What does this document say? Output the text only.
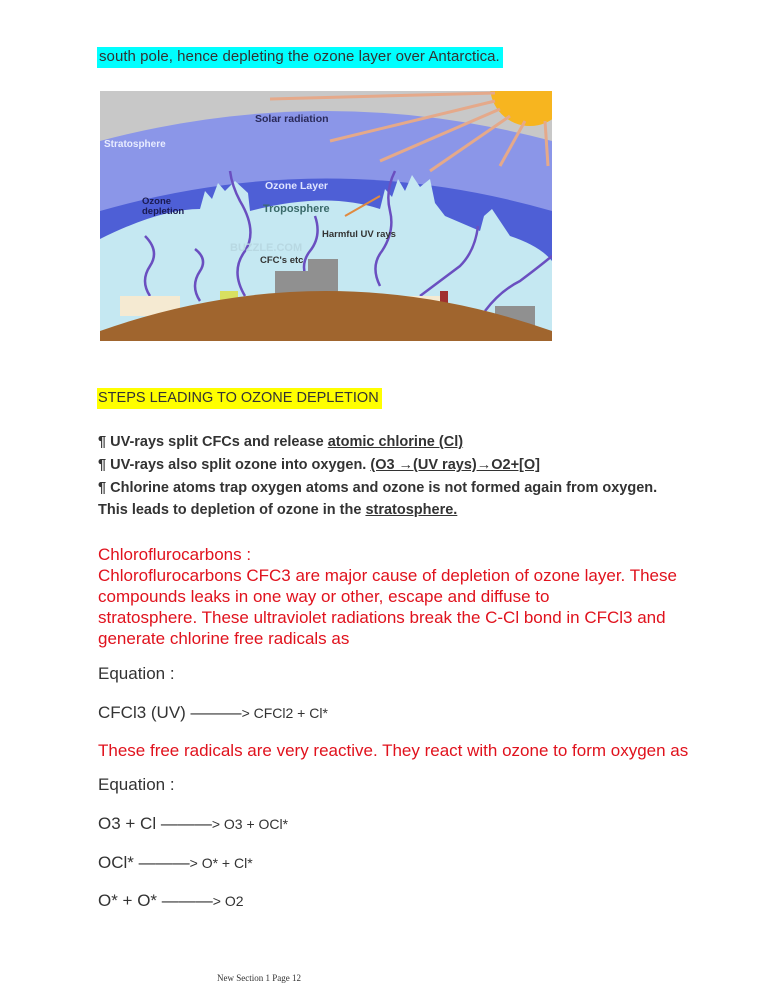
south pole, hence depleting the ozone layer over Antarctica.
Solar radiation
Stratosphere
Ozone Layer
Ozone
depletion	Troposphere
Harmful UV rays
CFC's etc
BUZZLE.COM
STEPS LEADING TO OZONE DEPLETION
¶ UV-rays split CFCs and release atomic chlorine (Cl)
¶ UV-rays also split ozone into oxygen. (O3 →(UV rays)→O2+[O]
¶ Chlorine atoms trap oxygen atoms and ozone is not formed again from oxygen.
This leads to depletion of ozone in the stratosphere.
Chloroflurocarbons :
Chloroflurocarbons CFC3 are major cause of depletion of ozone layer. These
compounds leaks in one way or other, escape and diffuse to
stratosphere. These ultraviolet radiations break the C-Cl bond in CFCl3 and
generate chlorine free radicals as
Equation :
CFCl3 (UV) ———> CFCl2 + Cl*
These free radicals are very reactive. They react with ozone to form oxygen as
Equation :
O3 + Cl ———> O3 + OCl*
OCl* ———> O* + Cl*
O* + O* ———> O2
New Section 1 Page 12
